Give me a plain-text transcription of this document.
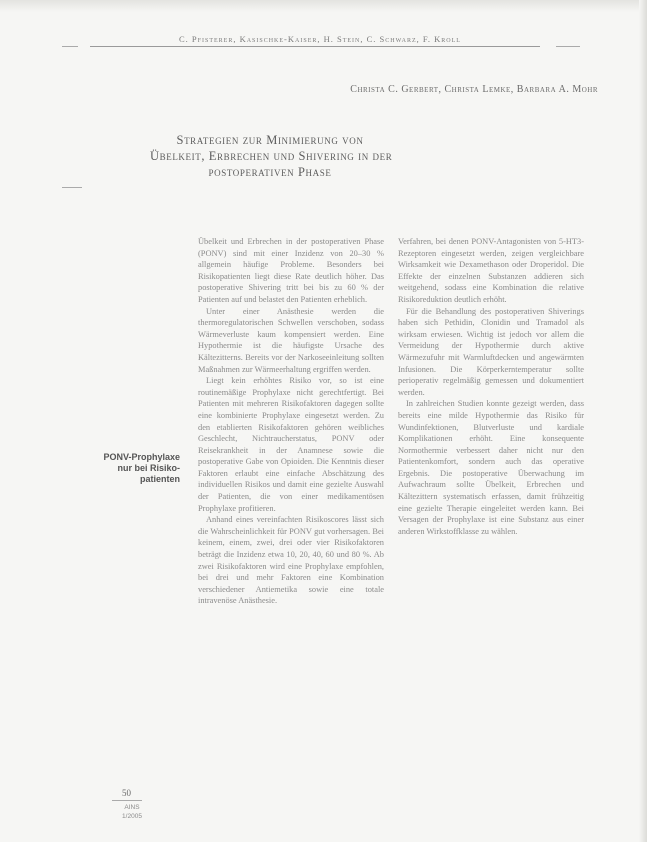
C. Pfisterer, Kasischke-Kaiser, H. Stein, C. Schwarz, F. Kroll
Christa C. Gerbert, Christa Lemke, Barbara A. Mohr
Strategien zur Minimierung von
Übelkeit, Erbrechen und Shivering in der
postoperativen Phase
PONV-Prophylaxe
nur bei Risiko-
patienten

Übelkeit und Erbrechen in der postoperativen Phase (PONV) sind mit einer Inzidenz von 20–30 % allgemein häufige Probleme. Besonders bei Risikopatienten liegt diese Rate deutlich höher. Das postoperative Shivering tritt bei bis zu 60 % der Patienten auf und belastet den Patienten erheblich.

Unter einer Anästhesie werden die thermoregulatorischen Schwellen verschoben, sodass Wärmeverluste kaum kompensiert werden. Eine Hypothermie ist die häufigste Ursache des Kältezitterns. Bereits vor der Narkoseeinleitung sollten Maßnahmen zur Wärmeerhaltung ergriffen werden.

Liegt kein erhöhtes Risiko vor, so ist eine routinemäßige Prophylaxe nicht gerechtfertigt. Bei Patienten mit mehreren Risikofaktoren dagegen sollte eine kombinierte Prophylaxe eingesetzt werden. Zu den etablierten Risikofaktoren gehören weibliches Geschlecht, Nichtraucherstatus, PONV oder Reisekrankheit in der Anamnese sowie die postoperative Gabe von Opioiden. Die Kenntnis dieser Faktoren erlaubt eine einfache Abschätzung des individuellen Risikos und damit eine gezielte Auswahl der Patienten, die von einer medikamentösen Prophylaxe profitieren.

Anhand eines vereinfachten Risikoscores lässt sich die Wahrscheinlichkeit für PONV gut vorhersagen. Bei keinem, einem, zwei, drei oder vier Risikofaktoren beträgt die Inzidenz etwa 10, 20, 40, 60 und 80 %. Ab zwei Risikofaktoren wird eine Prophylaxe empfohlen, bei drei und mehr Faktoren eine Kombination verschiedener Antiemetika sowie eine totale intravenöse Anästhesie.

Verfahren, bei denen PONV-Antagonisten von 5-HT3-Rezeptoren eingesetzt werden, zeigen vergleichbare Wirksamkeit wie Dexamethason oder Droperidol. Die Effekte der einzelnen Substanzen addieren sich weitgehend, sodass eine Kombination die relative Risikoreduktion deutlich erhöht.

Für die Behandlung des postoperativen Shiverings haben sich Pethidin, Clonidin und Tramadol als wirksam erwiesen. Wichtig ist jedoch vor allem die Vermeidung der Hypothermie durch aktive Wärmezufuhr mit Warmluftdecken und angewärmten Infusionen. Die Körperkerntemperatur sollte perioperativ regelmäßig gemessen und dokumentiert werden.

In zahlreichen Studien konnte gezeigt werden, dass bereits eine milde Hypothermie das Risiko für Wundinfektionen, Blutverluste und kardiale Komplikationen erhöht. Eine konsequente Normothermie verbessert daher nicht nur den Patientenkomfort, sondern auch das operative Ergebnis. Die postoperative Überwachung im Aufwachraum sollte Übelkeit, Erbrechen und Kältezittern systematisch erfassen, damit frühzeitig eine gezielte Therapie eingeleitet werden kann. Bei Versagen der Prophylaxe ist eine Substanz aus einer anderen Wirkstoffklasse zu wählen.

50
AINS
1/2005
